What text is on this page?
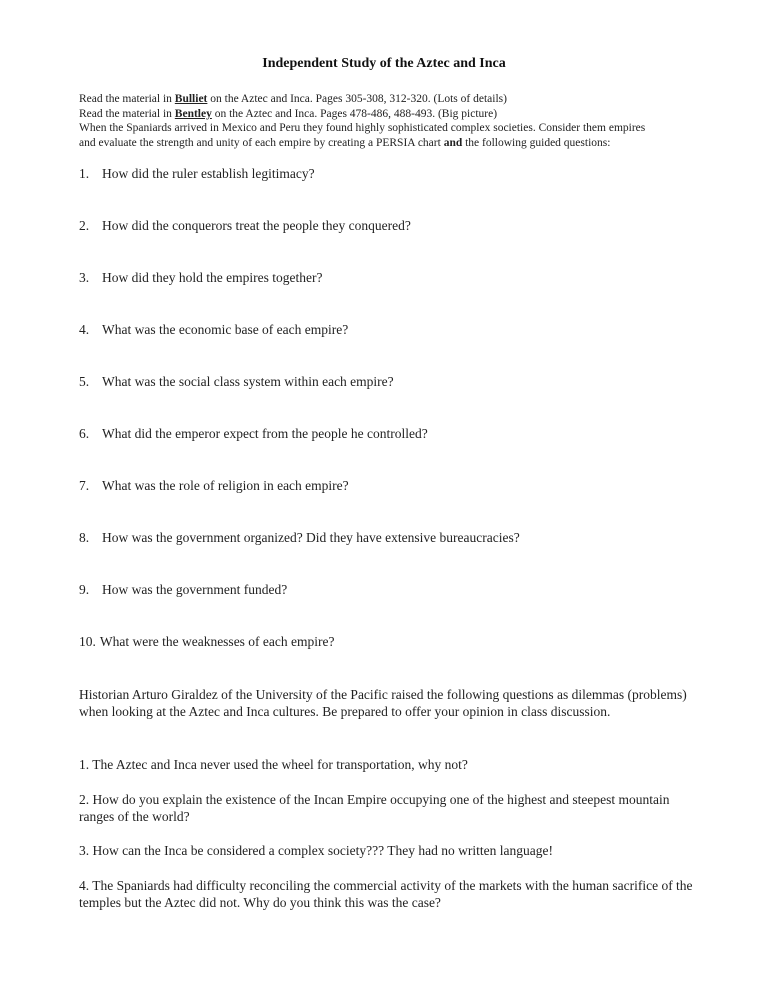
Independent Study of the Aztec and Inca

Read the material in Bulliet on the Aztec and Inca. Pages 305-308, 312-320. (Lots of details)

Read the material in Bentley on the Aztec and Inca. Pages 478-486, 488-493. (Big picture)

When the Spaniards arrived in Mexico and Peru they found highly sophisticated complex societies. Consider them empires

and evaluate the strength and unity of each empire by creating a PERSIA chart and the following guided questions:

1. How did the ruler establish legitimacy?
2. How did the conquerors treat the people they conquered?
3. How did they hold the empires together?
4. What was the economic base of each empire?
5. What was the social class system within each empire?
6. What did the emperor expect from the people he controlled?
7. What was the role of religion in each empire?
8. How was the government organized? Did they have extensive bureaucracies?
9. How was the government funded?
10. What were the weaknesses of each empire?

Historian Arturo Giraldez of the University of the Pacific raised the following questions as dilemmas (problems) when looking at the Aztec and Inca cultures. Be prepared to offer your opinion in class discussion.

1. The Aztec and Inca never used the wheel for transportation, why not?

2. How do you explain the existence of the Incan Empire occupying one of the highest and steepest mountain ranges of the world?

3. How can the Inca be considered a complex society??? They had no written language!

4. The Spaniards had difficulty reconciling the commercial activity of the markets with the human sacrifice of the temples but the Aztec did not. Why do you think this was the case?
